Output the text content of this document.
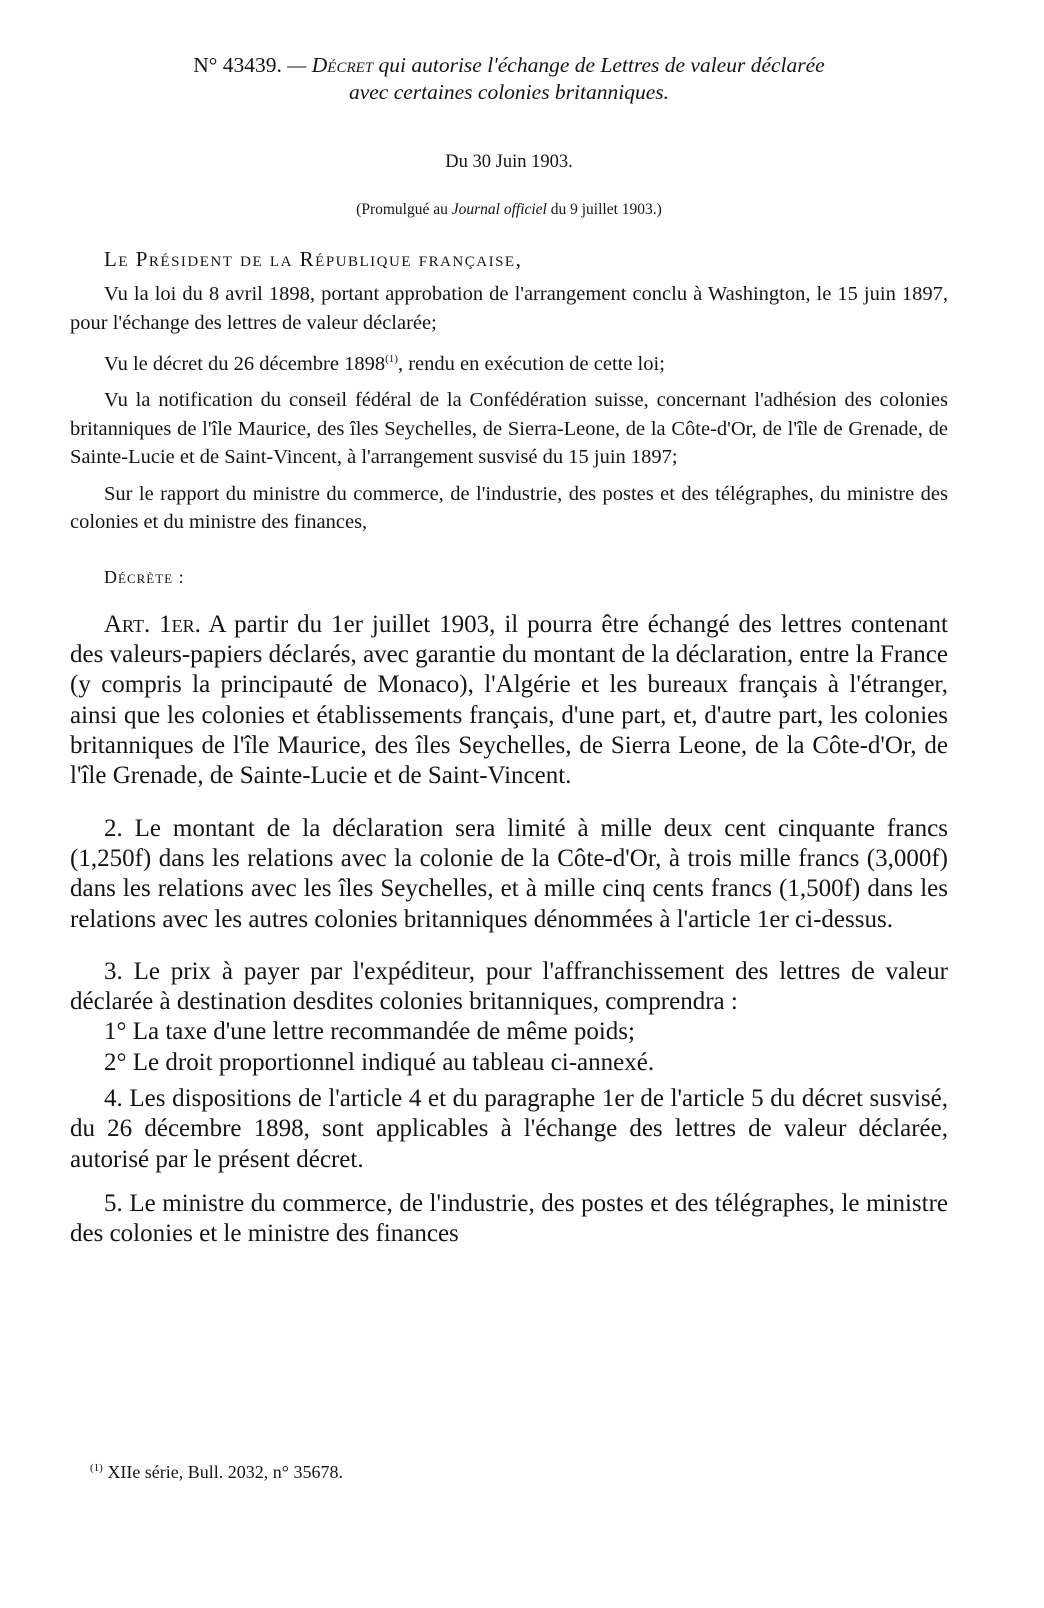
N° 43439. — Décret qui autorise l'échange de Lettres de valeur déclarée
avec certaines colonies britanniques.

Du 30 Juin 1903.

(Promulgué au Journal officiel du 9 juillet 1903.)

Le Président de la République française,

Vu la loi du 8 avril 1898, portant approbation de l'arrangement conclu à Washington, le 15 juin 1897, pour l'échange des lettres de valeur déclarée;

Vu le décret du 26 décembre 1898$^{(1)}$, rendu en exécution de cette loi;

Vu la notification du conseil fédéral de la Confédération suisse, concernant l'adhésion des colonies britanniques de l'île Maurice, des îles Seychelles, de Sierra-Leone, de la Côte-d'Or, de l'île de Grenade, de Sainte-Lucie et de Saint-Vincent, à l'arrangement susvisé du 15 juin 1897;

Sur le rapport du ministre du commerce, de l'industrie, des postes et des télégraphes, du ministre des colonies et du ministre des finances,

Décrète :

Art. 1er. A partir du 1er juillet 1903, il pourra être échangé des lettres contenant des valeurs-papiers déclarés, avec garantie du montant de la déclaration, entre la France (y compris la principauté de Monaco), l'Algérie et les bureaux français à l'étranger, ainsi que les colonies et établissements français, d'une part, et, d'autre part, les colonies britanniques de l'île Maurice, des îles Seychelles, de Sierra Leone, de la Côte-d'Or, de l'île Grenade, de Sainte-Lucie et de Saint-Vincent.

2. Le montant de la déclaration sera limité à mille deux cent cinquante francs (1,250f) dans les relations avec la colonie de la Côte-d'Or, à trois mille francs (3,000f) dans les relations avec les îles Seychelles, et à mille cinq cents francs (1,500f) dans les relations avec les autres colonies britanniques dénommées à l'article 1er ci-dessus.

3. Le prix à payer par l'expéditeur, pour l'affranchissement des lettres de valeur déclarée à destination desdites colonies britanniques, comprendra :

1° La taxe d'une lettre recommandée de même poids;

2° Le droit proportionnel indiqué au tableau ci-annexé.

4. Les dispositions de l'article 4 et du paragraphe 1er de l'article 5 du décret susvisé, du 26 décembre 1898, sont applicables à l'échange des lettres de valeur déclarée, autorisé par le présent décret.

5. Le ministre du commerce, de l'industrie, des postes et des télégraphes, le ministre des colonies et le ministre des finances

$^{(1)}$ XIIe série, Bull. 2032, n° 35678.
